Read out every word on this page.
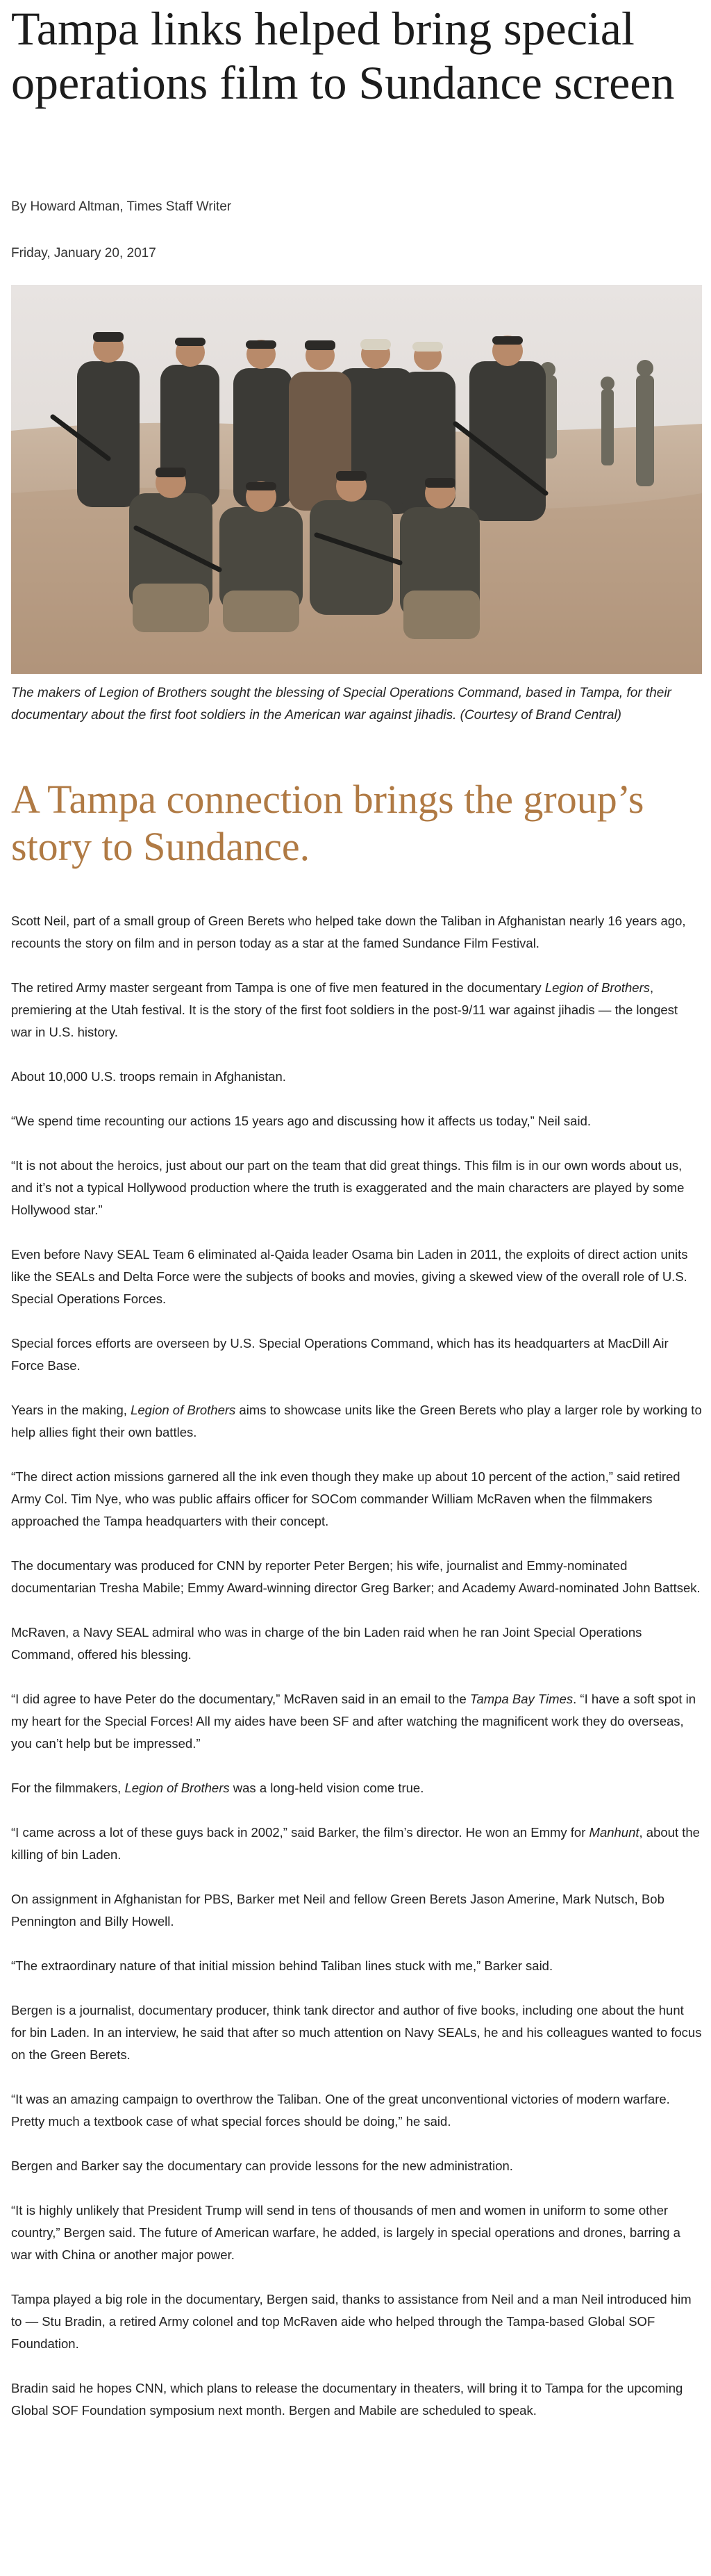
Tampa links helped bring special operations film to Sundance screen
By Howard Altman, Times Staff Writer
Friday, January 20, 2017
The makers of Legion of Brothers sought the blessing of Special Operations Command, based in Tampa, for their documentary about the first foot soldiers in the American war against jihadis. (Courtesy of Brand Central)
A Tampa connection brings the group’s story to Sundance.

Scott Neil, part of a small group of Green Berets who helped take down the Taliban in Afghanistan nearly 16 years ago, recounts the story on film and in person today as a star at the famed Sundance Film Festival.

The retired Army master sergeant from Tampa is one of five men featured in the documentary Legion of Brothers, premiering at the Utah festival. It is the story of the first foot soldiers in the post-9/11 war against jihadis — the longest war in U.S. history.

About 10,000 U.S. troops remain in Afghanistan.

“We spend time recounting our actions 15 years ago and discussing how it affects us today,” Neil said.

“It is not about the heroics, just about our part on the team that did great things. This film is in our own words about us, and it’s not a typical Hollywood production where the truth is exaggerated and the main characters are played by some Hollywood star.”

Even before Navy SEAL Team 6 eliminated al-Qaida leader Osama bin Laden in 2011, the exploits of direct action units like the SEALs and Delta Force were the subjects of books and movies, giving a skewed view of the overall role of U.S. Special Operations Forces.

Special forces efforts are overseen by U.S. Special Operations Command, which has its headquarters at MacDill Air Force Base.

Years in the making, Legion of Brothers aims to showcase units like the Green Berets who play a larger role by working to help allies fight their own battles.

“The direct action missions garnered all the ink even though they make up about 10 percent of the action,” said retired Army Col. Tim Nye, who was public affairs officer for SOCom commander William McRaven when the filmmakers approached the Tampa headquarters with their concept.

The documentary was produced for CNN by reporter Peter Bergen; his wife, journalist and Emmy-nominated documentarian Tresha Mabile; Emmy Award-winning director Greg Barker; and Academy Award-nominated John Battsek.

McRaven, a Navy SEAL admiral who was in charge of the bin Laden raid when he ran Joint Special Operations Command, offered his blessing.

“I did agree to have Peter do the documentary,” McRaven said in an email to the Tampa Bay Times. “I have a soft spot in my heart for the Special Forces! All my aides have been SF and after watching the magnificent work they do overseas, you can’t help but be impressed.”

For the filmmakers, Legion of Brothers was a long-held vision come true.

“I came across a lot of these guys back in 2002,” said Barker, the film’s director. He won an Emmy for Manhunt, about the killing of bin Laden.

On assignment in Afghanistan for PBS, Barker met Neil and fellow Green Berets Jason Amerine, Mark Nutsch, Bob Pennington and Billy Howell.

“The extraordinary nature of that initial mission behind Taliban lines stuck with me,” Barker said.

Bergen is a journalist, documentary producer, think tank director and author of five books, including one about the hunt for bin Laden. In an interview, he said that after so much attention on Navy SEALs, he and his colleagues wanted to focus on the Green Berets.

“It was an amazing campaign to overthrow the Taliban. One of the great unconventional victories of modern warfare. Pretty much a textbook case of what special forces should be doing,” he said.

Bergen and Barker say the documentary can provide lessons for the new administration.

“It is highly unlikely that President Trump will send in tens of thousands of men and women in uniform to some other country,” Bergen said. The future of American warfare, he added, is largely in special operations and drones, barring a war with China or another major power.

Tampa played a big role in the documentary, Bergen said, thanks to assistance from Neil and a man Neil introduced him to — Stu Bradin, a retired Army colonel and top McRaven aide who helped through the Tampa-based Global SOF Foundation.

Bradin said he hopes CNN, which plans to release the documentary in theaters, will bring it to Tampa for the upcoming Global SOF Foundation symposium next month. Bergen and Mabile are scheduled to speak.
